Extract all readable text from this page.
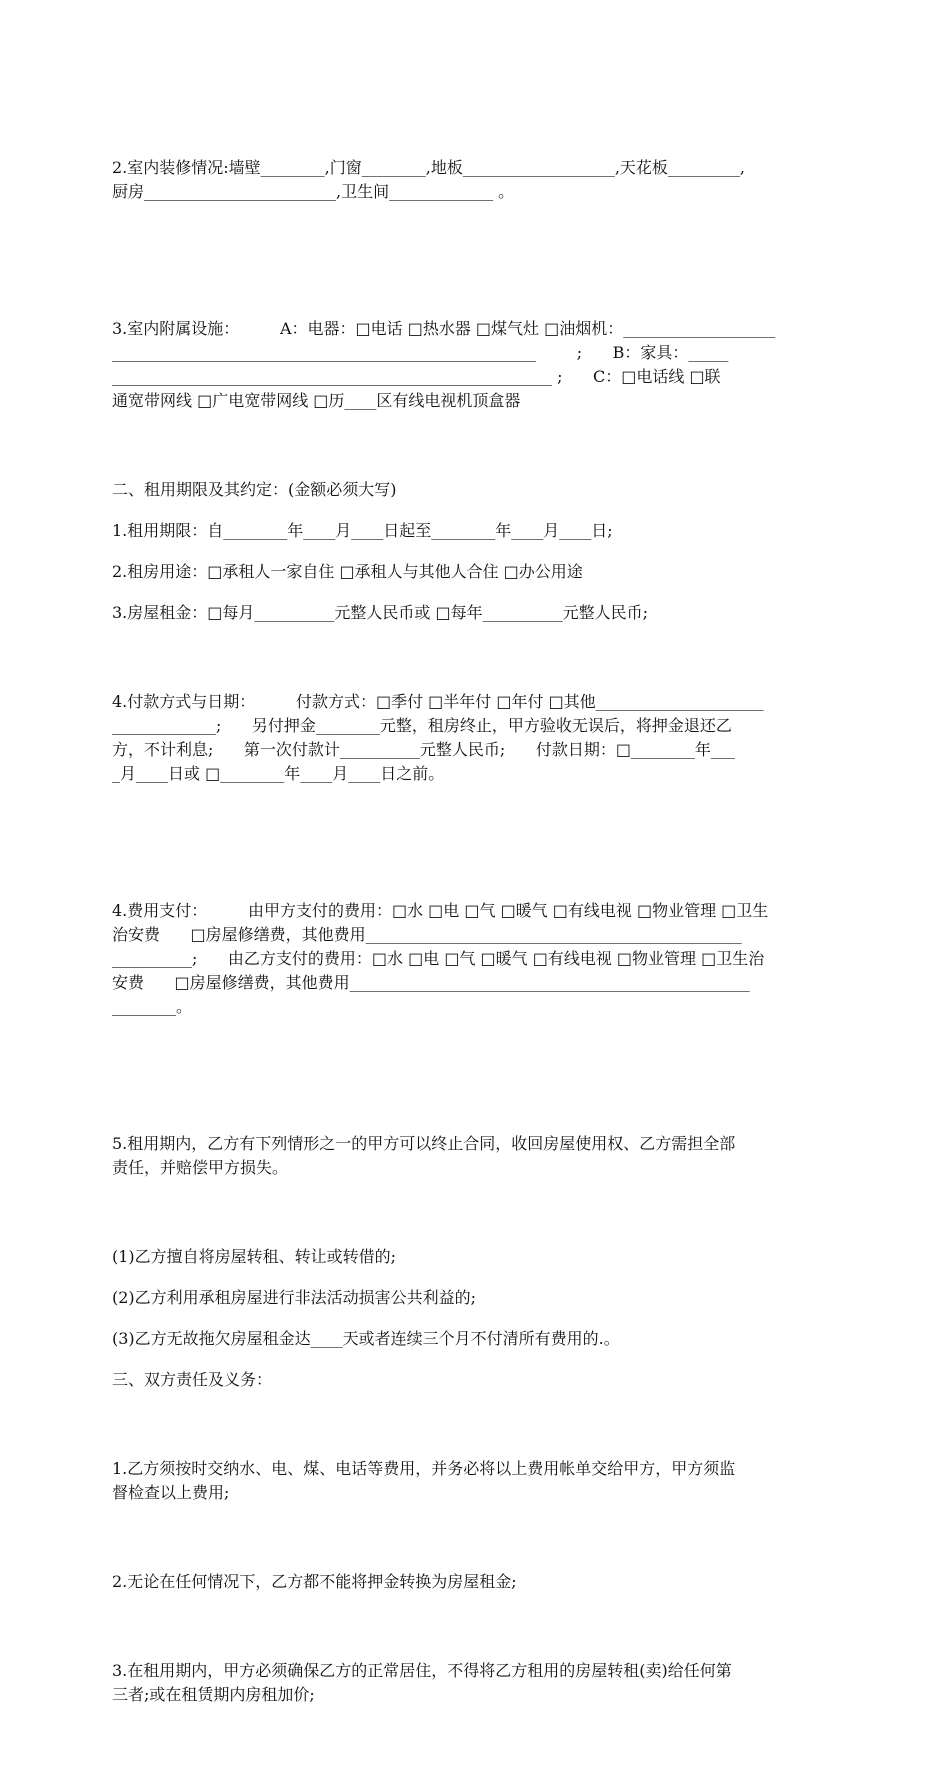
2.室内装修情况:墙壁________,门窗________,地板___________________,天花板_________,
厨房________________________,卫生间_____________ 。

3.室内附属设施：        A：电器：□电话 □热水器 □煤气灶 □油烟机：___________________
_____________________________________________________        ;      B：家具：_____
_______________________________________________________ ;      C：□电话线 □联
通宽带网线 □广电宽带网线 □历____区有线电视机顶盒器

二、租用期限及其约定：(金额必须大写)

1.租用期限：自________年____月____日起至________年____月____日;

2.租房用途：□承租人一家自住 □承租人与其他人合住 □办公用途

3.房屋租金：□每月__________元整人民币或 □每年__________元整人民币;

4.付款方式与日期：        付款方式：□季付 □半年付 □年付 □其他_____________________
_____________;      另付押金________元整，租房终止，甲方验收无误后，将押金退还乙
方，不计利息;      第一次付款计__________元整人民币;      付款日期：□________年___
_月____日或 □________年____月____日之前。

4.费用支付：        由甲方支付的费用：□水 □电 □气 □暖气 □有线电视 □物业管理 □卫生
治安费      □房屋修缮费，其他费用_______________________________________________
__________;      由乙方支付的费用：□水 □电 □气 □暖气 □有线电视 □物业管理 □卫生治
安费      □房屋修缮费，其他费用__________________________________________________
________。

5.租用期内，乙方有下列情形之一的甲方可以终止合同，收回房屋使用权、乙方需担全部
责任，并赔偿甲方损失。

(1)乙方擅自将房屋转租、转让或转借的;

(2)乙方利用承租房屋进行非法活动损害公共利益的;

(3)乙方无故拖欠房屋租金达____天或者连续三个月不付清所有费用的.。

三、双方责任及义务：

1.乙方须按时交纳水、电、煤、电话等费用，并务必将以上费用帐单交给甲方，甲方须监
督检查以上费用;

2.无论在任何情况下，乙方都不能将押金转换为房屋租金;

3.在租用期内，甲方必须确保乙方的正常居住，不得将乙方租用的房屋转租(卖)给任何第
三者;或在租赁期内房租加价;
